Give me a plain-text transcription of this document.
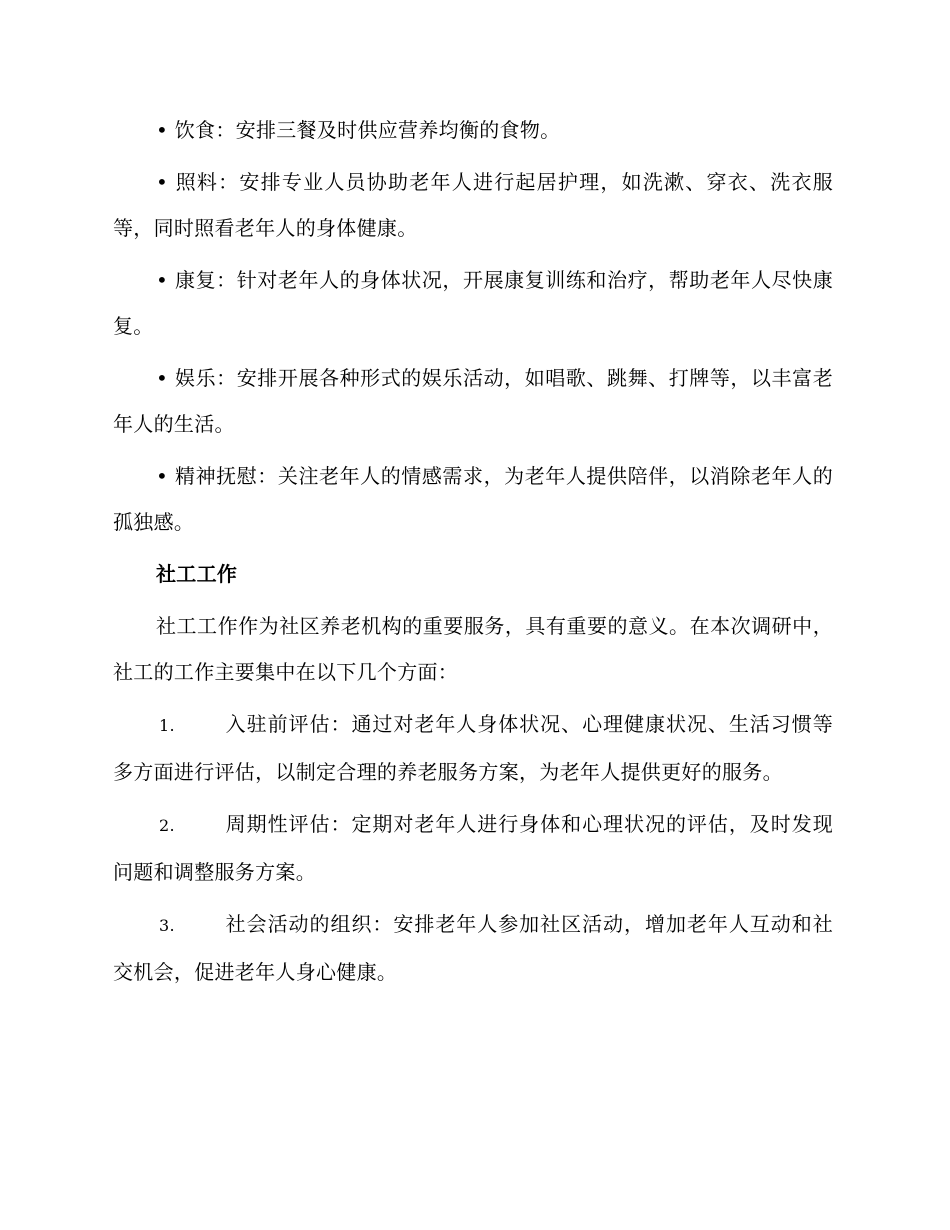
• 饮食：安排三餐及时供应营养均衡的食物。

• 照料：安排专业人员协助老年人进行起居护理，如洗漱、穿衣、洗衣服等，同时照看老年人的身体健康。

• 康复：针对老年人的身体状况，开展康复训练和治疗，帮助老年人尽快康复。

• 娱乐：安排开展各种形式的娱乐活动，如唱歌、跳舞、打牌等，以丰富老年人的生活。

• 精神抚慰：关注老年人的情感需求，为老年人提供陪伴，以消除老年人的孤独感。

社工工作

社工工作作为社区养老机构的重要服务，具有重要的意义。在本次调研中，社工的工作主要集中在以下几个方面：

1.	入驻前评估：通过对老年人身体状况、心理健康状况、生活习惯等多方面进行评估，以制定合理的养老服务方案，为老年人提供更好的服务。

2.	周期性评估：定期对老年人进行身体和心理状况的评估，及时发现问题和调整服务方案。

3.	社会活动的组织：安排老年人参加社区活动，增加老年人互动和社交机会，促进老年人身心健康。
